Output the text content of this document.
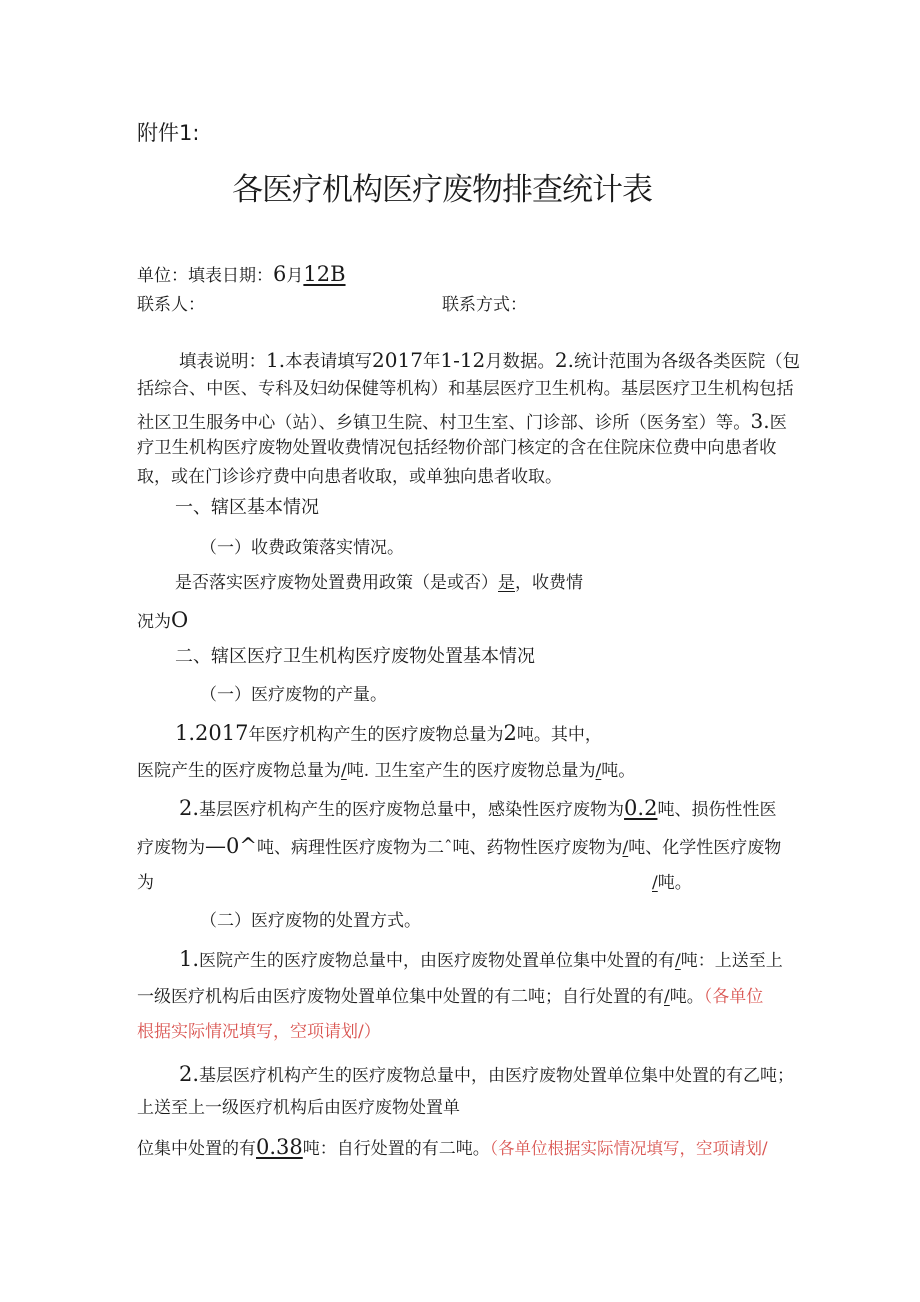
附件1:
各医疗机构医疗废物排查统计表
单位：填表日期：6月12B
联系人：	联系方式：
填表说明：1.本表请填写2017年1-12月数据。2.统计范围为各级各类医院（包
括综合、中医、专科及妇幼保健等机构）和基层医疗卫生机构。基层医疗卫生机构包括
社区卫生服务中心（站）、乡镇卫生院、村卫生室、门诊部、诊所（医务室）等。3.医
疗卫生机构医疗废物处置收费情况包括经物价部门核定的含在住院床位费中向患者收
取，或在门诊诊疗费中向患者收取，或单独向患者收取。
一、辖区基本情况
（一）收费政策落实情况。
是否落实医疗废物处置费用政策（是或否）是，收费情
况为O
二、辖区医疗卫生机构医疗废物处置基本情况
（一）医疗废物的产量。
1.2017年医疗机构产生的医疗废物总量为2吨。其中，
医院产生的医疗废物总量为/吨. 卫生室产生的医疗废物总量为/吨。
2.基层医疗机构产生的医疗废物总量中，感染性医疗废物为0.2吨、损伤性性医
疗废物为—0^吨、病理性医疗废物为二ˆ吨、药物性医疗废物为/吨、化学性医疗废物
为	/吨。
（二）医疗废物的处置方式。
1.医院产生的医疗废物总量中，由医疗废物处置单位集中处置的有/吨：上送至上
一级医疗机构后由医疗废物处置单位集中处置的有二吨；自行处置的有/吨。（各单位
根据实际情况填写，空项请划/）
2.基层医疗机构产生的医疗废物总量中，由医疗废物处置单位集中处置的有乙吨；
上送至上一级医疗机构后由医疗废物处置单
位集中处置的有0.38吨：自行处置的有二吨。（各单位根据实际情况填写，空项请划/
